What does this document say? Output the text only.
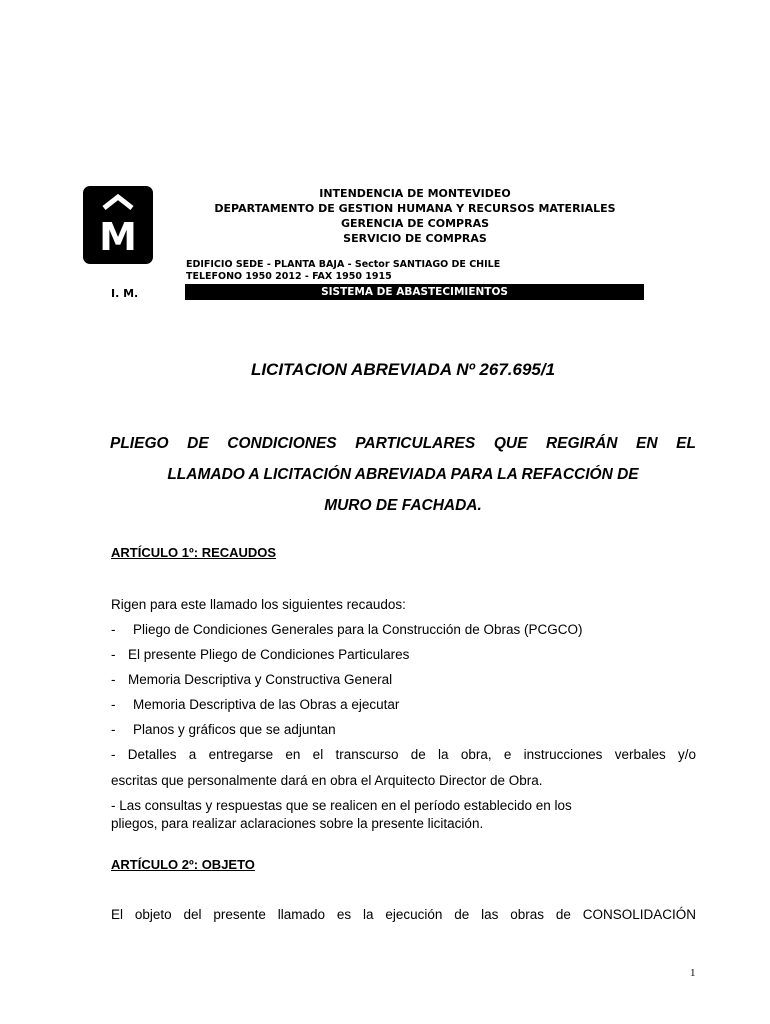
M
I. M.
INTENDENCIA DE MONTEVIDEO
DEPARTAMENTO DE GESTION HUMANA Y RECURSOS MATERIALES
GERENCIA DE COMPRAS
SERVICIO DE COMPRAS
EDIFICIO SEDE - PLANTA BAJA - Sector SANTIAGO DE CHILE
TELEFONO 1950 2012 - FAX 1950 1915
SISTEMA DE ABASTECIMIENTOS
LICITACION ABREVIADA Nº 267.695/1
PLIEGO DE CONDICIONES PARTICULARES QUE REGIRÁN EN EL
LLAMADO A LICITACIÓN ABREVIADA PARA LA REFACCIÓN DE
MURO DE FACHADA.
ARTÍCULO 1º: RECAUDOS
Rigen para este llamado los siguientes recaudos:
- Pliego de Condiciones Generales para la Construcción de Obras (PCGCO)
- El presente Pliego de Condiciones Particulares
- Memoria Descriptiva y Constructiva General
- Memoria Descriptiva de las Obras a ejecutar
- Planos y gráficos que se adjuntan
- Detalles a entregarse en el transcurso de la obra, e instrucciones verbales y/o
escritas que personalmente dará en obra el Arquitecto Director de Obra.
- Las consultas y respuestas que se realicen en el período establecido en los
pliegos, para realizar aclaraciones sobre la presente licitación.
ARTÍCULO 2º: OBJETO
El objeto del presente llamado es la ejecución de las obras de CONSOLIDACIÓN
1
